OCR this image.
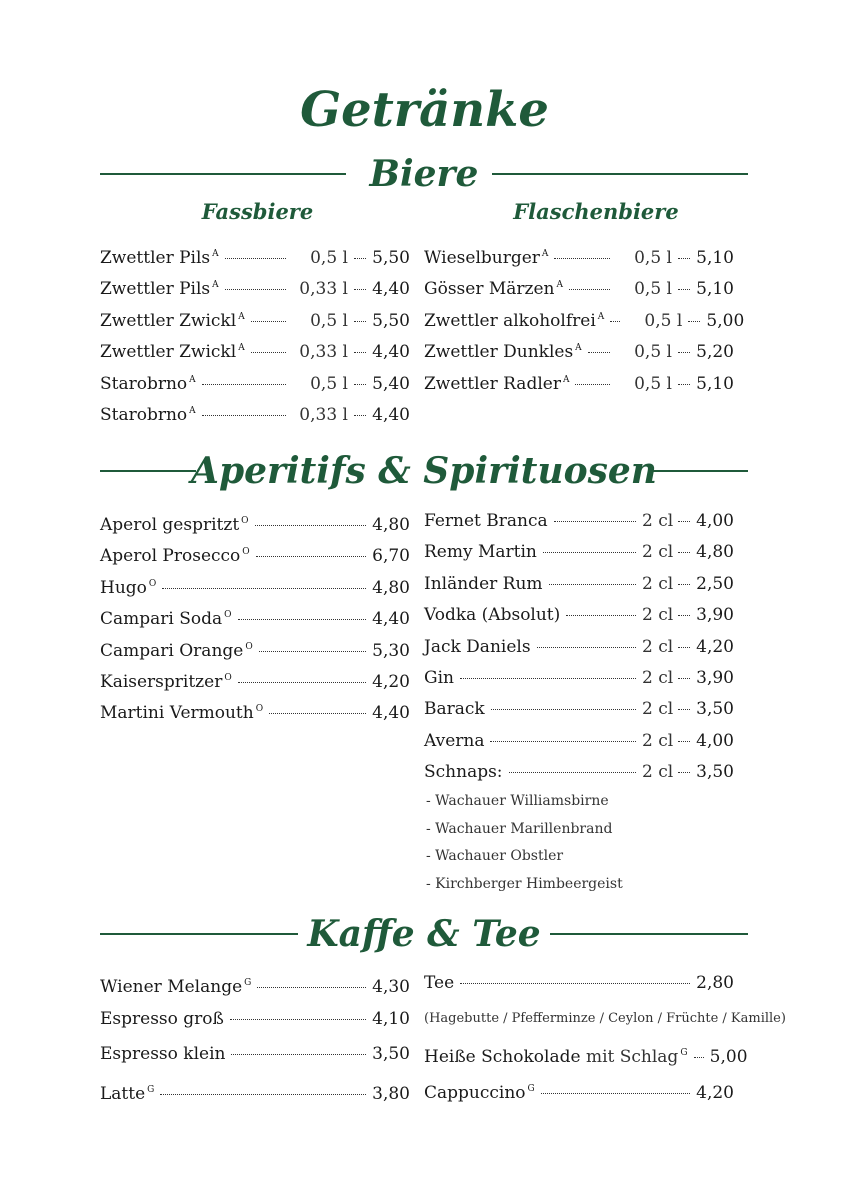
Getränke
Biere
Fassbiere	Flaschenbiere
Zwettler Pils $^A$	0,5 l 5,50
Zwettler Pils $^A$	0,33 l 4,40
Zwettler Zwickl $^A$	0,5 l 5,50
Zwettler Zwickl $^A$	0,33 l 4,40
Starobrno $^A$	0,5 l 5,40
Starobrno $^A$	0,33 l 4,40
Wieselburger $^A$	0,5 l 5,10
Gösser Märzen $^A$	0,5 l 5,10
Zwettler alkoholfrei $^A$	0,5 l 5,00
Zwettler Dunkles $^A$	0,5 l 5,20
Zwettler Radler $^A$	0,5 l 5,10
Aperitifs & Spirituosen
Aperol gespritzt $^O$	4,80
Aperol Prosecco $^O$	6,70
Hugo $^O$	4,80
Campari Soda $^O$	4,40
Campari Orange $^O$	5,30
Kaiserspritzer $^O$	4,20
Martini Vermouth $^O$	4,40
Fernet Branca	2 cl 4,00
Remy Martin	2 cl 4,80
Inländer Rum	2 cl 2,50
Vodka (Absolut)	2 cl 3,90
Jack Daniels	2 cl 4,20
Gin	2 cl 3,90
Barack	2 cl 3,50
Averna	2 cl 4,00
Schnaps:	2 cl 3,50
- Wachauer Williamsbirne
- Wachauer Marillenbrand
- Wachauer Obstler
- Kirchberger Himbeergeist
Kaffe & Tee
Wiener Melange $^G$	4,30
Espresso groß	4,10
Espresso klein	3,50
Latte $^G$	3,80
Tee	2,80
(Hagebutte / Pfefferminze / Ceylon / Früchte / Kamille)
Heiße Schokolade mit Schlag $^G$ 5,00
Cappuccino $^G$	4,20
